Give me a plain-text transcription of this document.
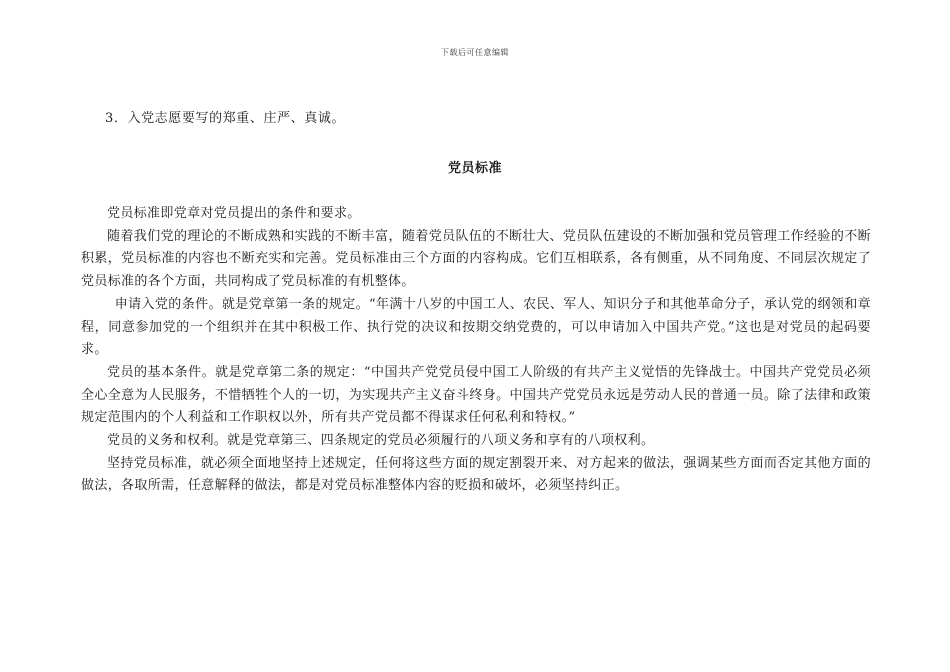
下载后可任意编辑
3．入党志愿要写的郑重、庄严、真诚。
党员标准

党员标准即党章对党员提出的条件和要求。

随着我们党的理论的不断成熟和实践的不断丰富，随着党员队伍的不断壮大、党员队伍建设的不断加强和党员管理工作经验的不断积累，党员标准的内容也不断充实和完善。党员标准由三个方面的内容构成。它们互相联系，各有侧重，从不同角度、不同层次规定了党员标准的各个方面，共同构成了党员标准的有机整体。

申请入党的条件。就是党章第一条的规定。“年满十八岁的中国工人、农民、军人、知识分子和其他革命分子，承认党的纲领和章程，同意参加党的一个组织并在其中积极工作、执行党的决议和按期交纳党费的，可以申请加入中国共产党。”这也是对党员的起码要求。

党员的基本条件。就是党章第二条的规定：“中国共产党党员侵中国工人阶级的有共产主义觉悟的先锋战士。中国共产党党员必须全心全意为人民服务，不惜牺牲个人的一切，为实现共产主义奋斗终身。中国共产党党员永远是劳动人民的普通一员。除了法律和政策规定范围内的个人利益和工作职权以外，所有共产党员都不得谋求任何私利和特权。”

党员的义务和权利。就是党章第三、四条规定的党员必须履行的八项义务和享有的八项权利。

坚持党员标准，就必须全面地坚持上述规定，任何将这些方面的规定割裂开来、对方起来的做法，强调某些方面而否定其他方面的做法，各取所需，任意解释的做法，都是对党员标准整体内容的贬损和破坏，必须坚持纠正。
